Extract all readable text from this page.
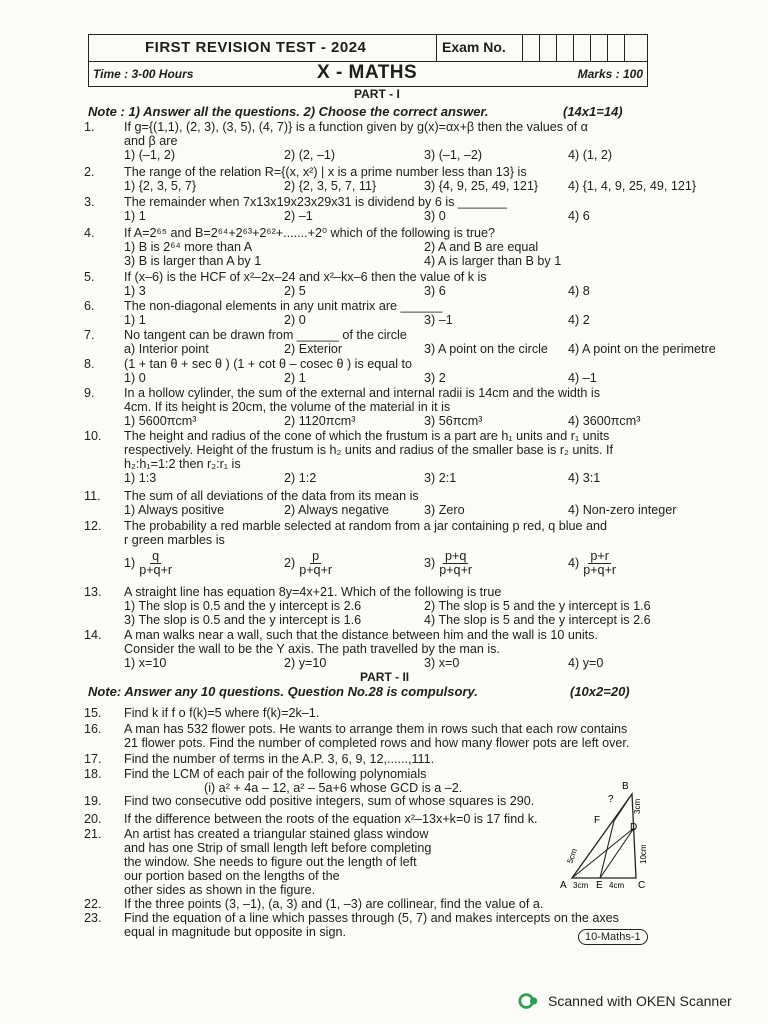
FIRST REVISION TEST - 2024	Exam No.
Time : 3-00 Hours	X - MATHS	Marks : 100
PART - I
Note : 1) Answer all the questions. 2) Choose the correct answer.	(14x1=14)
1.	If g={(1,1), (2, 3), (3, 5), (4, 7)} is a function given by g(x)=αx+β then the values of α
and β are
1) (–1, 2)	2) (2, –1)	3) (–1, –2)	4) (1, 2)
2.	The range of the relation R={(x, x²) | x is a prime number less than 13} is
1) {2, 3, 5, 7}	2) {2, 3, 5, 7, 11}	3) {4, 9, 25, 49, 121} 4) {1, 4, 9, 25, 49, 121}
3.	The remainder when 7x13x19x23x29x31 is dividend by 6 is _______
1) 1	2) –1	3) 0	4) 6
4.	If A=2⁶⁵ and B=2⁶⁴+2⁶³+2⁶²+.......+2⁰ which of the following is true?
1) B is 2⁶⁴ more than A	2) A and B are equal
3) B is larger than A by 1	4) A is larger than B by 1
5.	If (x–6) is the HCF of x²–2x–24 and x²–kx–6 then the value of k is
1) 3	2) 5	3) 6	4) 8
6.	The non-diagonal elements in any unit matrix are ______
1) 1	2) 0	3) –1	4) 2
7.	No tangent can be drawn from ______ of the circle
a) Interior point	2) Exterior	3) A point on the circle 4) A point on the perimetre
8.	(1 + tan θ + sec θ ) (1 + cot θ – cosec θ ) is equal to
1) 0	2) 1	3) 2	4) –1
9.	In a hollow cylinder, the sum of the external and internal radii is 14cm and the width is
4cm. If its height is 20cm, the volume of the material in it is
1) 5600πcm³	2) 1120πcm³	3) 56πcm³	4) 3600πcm³
10.	The height and radius of the cone of which the frustum is a part are h₁ units and r₁ units
respectively. Height of the frustum is h₂ units and radius of the smaller base is r₂ units. If
h₂:h₁=1:2 then r₂:r₁ is
1) 1:3	2) 1:2	3) 2:1	4) 3:1
11.	The sum of all deviations of the data from its mean is
1) Always positive	2) Always negative	3) Zero	4) Non-zero integer
12.	The probability a red marble selected at random from a jar containing p red, q blue and
r green marbles is
$1) \frac{q}{p+q+r}$	$2) \frac{p}{p+q+r}$	$3) \frac{p+q}{p+q+r}$	$4) \frac{p+r}{p+q+r}$
13.	A straight line has equation 8y=4x+21. Which of the following is true
1) The slop is 0.5 and the y intercept is 2.6	2) The slop is 5 and the y intercept is 1.6
3) The slop is 0.5 and the y intercept is 1.6	4) The slop is 5 and the y intercept is 2.6
14.	A man walks near a wall, such that the distance between him and the wall is 10 units.
Consider the wall to be the Y axis. The path travelled by the man is.
1) x=10	2) y=10	3) x=0	4) y=0
PART - II
Note: Answer any 10 questions. Question No.28 is compulsory.	(10x2=20)
15.	Find k if f o f(k)=5 where f(k)=2k–1.
16.	A man has 532 flower pots. He wants to arrange them in rows such that each row contains
21 flower pots. Find the number of completed rows and how many flower pots are left over.
17.	Find the number of terms in the A.P. 3, 6, 9, 12,......,111.
18.	Find the LCM of each pair of the following polynomials
(i) a² + 4a – 12, a² – 5a+6 whose GCD is a –2.
19.	Find two consecutive odd positive integers, sum of whose squares is 290.
20.	If the difference between the roots of the equation x²–13x+k=0 is 17 find k.
21.	An artist has created a triangular stained glass window
and has one Strip of small length left before completing
the window. She needs to figure out the length of left
our portion based on the lengths of the
other sides as shown in the figure.
22.	If the three points (3, –1), (a, 3) and (1, –3) are collinear, find the value of a.
23.	Find the equation of a line which passes through (5, 7) and makes intercepts on the axes
equal in magnitude but opposite in sign.
B
?
F
D
A 3cm E 4cm C
5cm
3cm
10cm
10-Maths-1
Scanned with OKEN Scanner
